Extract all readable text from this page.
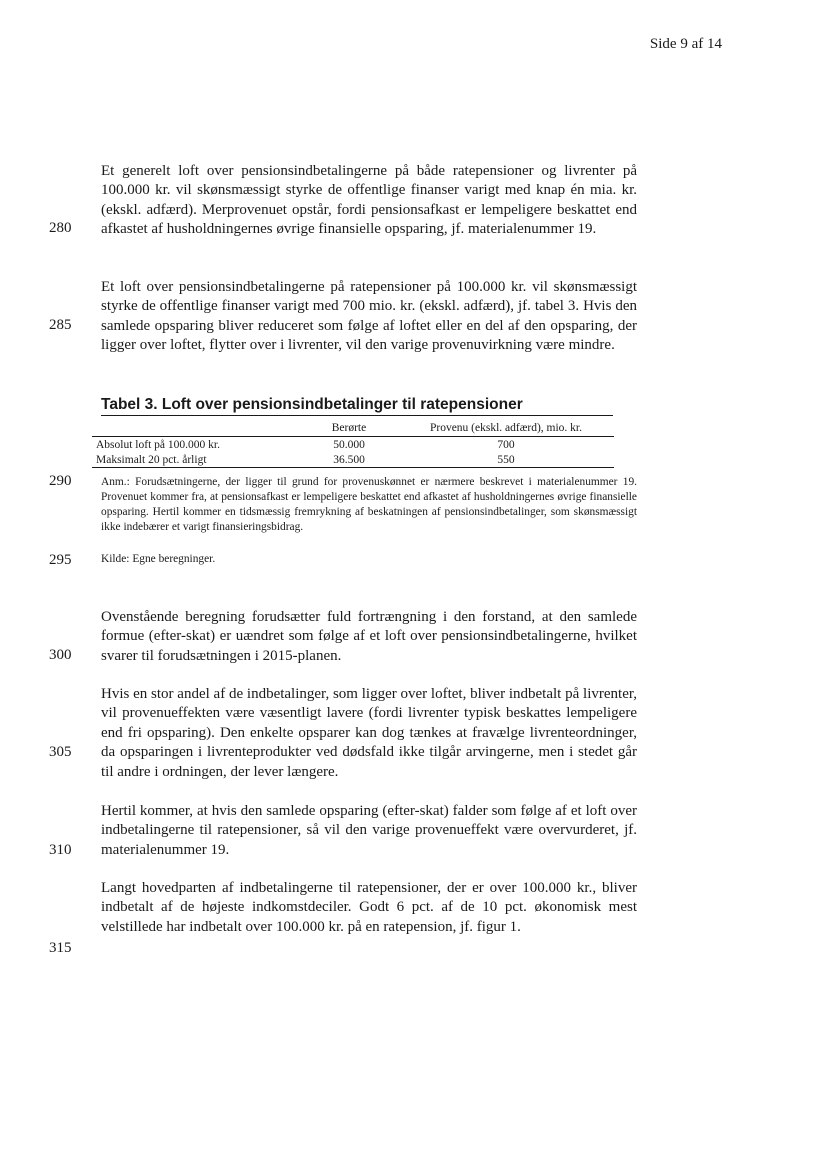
Side 9 af 14
280
285
290
295
300
305
310
315

Et generelt loft over pensionsindbetalingerne på både ratepensioner og livrenter på 100.000 kr. vil skønsmæssigt styrke de offentlige finanser varigt med knap én mia. kr. (ekskl. adfærd). Merprovenuet opstår, fordi pensionsafkast er lempeligere beskattet end afkastet af husholdningernes øvrige finansielle opsparing, jf. materialenummer 19.

Et loft over pensionsindbetalingerne på ratepensioner på 100.000 kr. vil skønsmæssigt styrke de offentlige finanser varigt med 700 mio. kr. (ekskl. adfærd), jf. tabel 3. Hvis den samlede opsparing bliver reduceret som følge af loftet eller en del af den opsparing, der ligger over loftet, flytter over i livrenter, vil den varige provenuvirkning være mindre.

Tabel 3. Loft over pensionsindbetalinger til ratepensioner
	Berørte	Provenu (ekskl. adfærd), mio. kr.
Absolut loft på 100.000 kr.	50.000	700
Maksimalt 20 pct. årligt	36.500	550

Anm.: Forudsætningerne, der ligger til grund for provenuskønnet er nærmere beskrevet i materialenummer 19. Provenuet kommer fra, at pensionsafkast er lempeligere beskattet end afkastet af husholdningernes øvrige finansielle opsparing. Hertil kommer en tidsmæssig fremrykning af beskatningen af pensionsindbetalinger, som skønsmæssigt ikke indebærer et varigt finansieringsbidrag.

Kilde: Egne beregninger.

Ovenstående beregning forudsætter fuld fortrængning i den forstand, at den samlede formue (efter-skat) er uændret som følge af et loft over pensionsindbetalingerne, hvilket svarer til forudsætningen i 2015-planen.

Hvis en stor andel af de indbetalinger, som ligger over loftet, bliver indbetalt på livrenter, vil provenueffekten være væsentligt lavere (fordi livrenter typisk beskattes lempeligere end fri opsparing). Den enkelte opsparer kan dog tænkes at fravælge livrenteordninger, da opsparingen i livrenteprodukter ved dødsfald ikke tilgår arvingerne, men i stedet går til andre i ordningen, der lever længere.

Hertil kommer, at hvis den samlede opsparing (efter-skat) falder som følge af et loft over indbetalingerne til ratepensioner, så vil den varige provenueffekt være overvurderet, jf. materialenummer 19.

Langt hovedparten af indbetalingerne til ratepensioner, der er over 100.000 kr., bliver indbetalt af de højeste indkomstdeciler. Godt 6 pct. af de 10 pct. økonomisk mest velstillede har indbetalt over 100.000 kr. på en ratepension, jf. figur 1.
